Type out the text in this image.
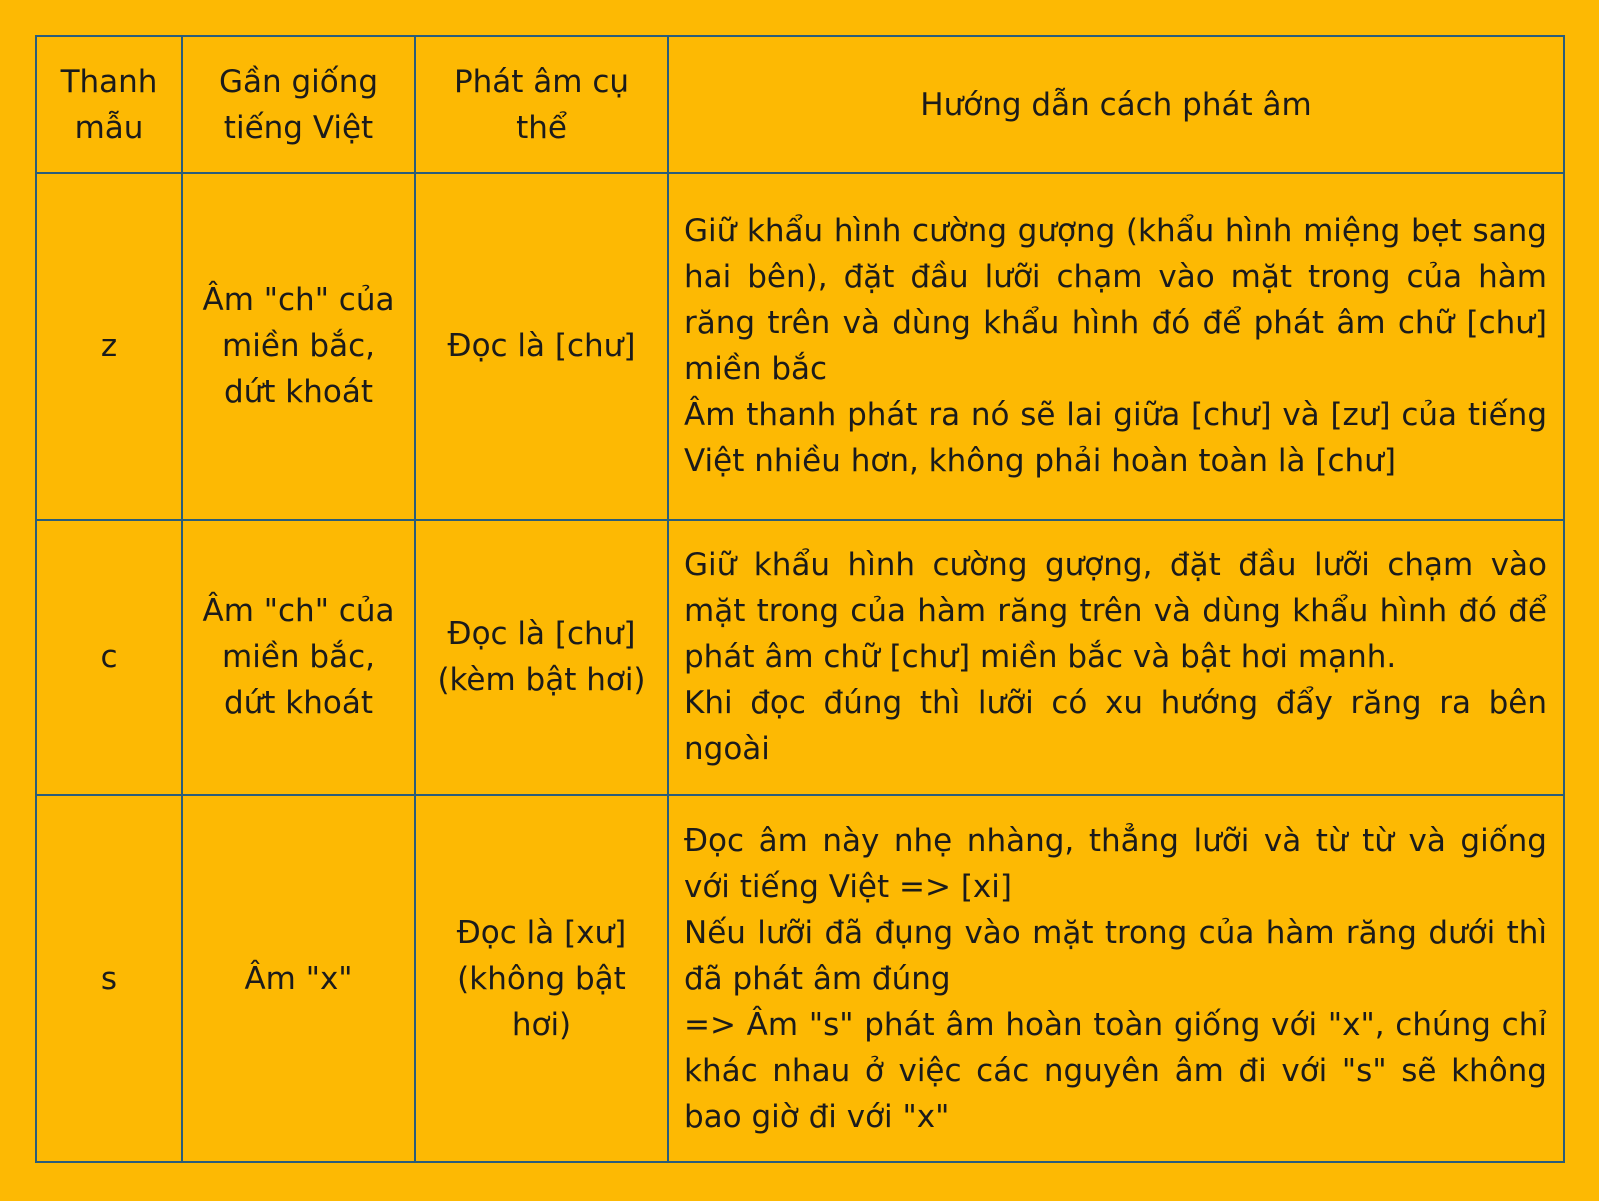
Thanh mẫu	Gần giống tiếng Việt	Phát âm cụ thể	Hướng dẫn cách phát âm
z	Âm "ch" của miền bắc, dứt khoát	Đọc là [chư]	Giữ khẩu hình cường gượng (khẩu hình miệng bẹt sang hai bên), đặt đầu lưỡi chạm vào mặt trong của hàm răng trên và dùng khẩu hình đó để phát âm chữ [chư] miền bắc
Âm thanh phát ra nó sẽ lai giữa [chư] và [zư] của tiếng Việt nhiều hơn, không phải hoàn toàn là [chư]

c	Âm "ch" của miền bắc, dứt khoát	Đọc là [chư] (kèm bật hơi)	Giữ khẩu hình cường gượng, đặt đầu lưỡi chạm vào mặt trong của hàm răng trên và dùng khẩu hình đó để phát âm chữ [chư] miền bắc và bật hơi mạnh.
Khi đọc đúng thì lưỡi có xu hướng đẩy răng ra bên ngoài

s	Âm "x"	Đọc là [xư] (không bật hơi)	Đọc âm này nhẹ nhàng, thẳng lưỡi và từ từ và giống với tiếng Việt => [xi]
Nếu lưỡi đã đụng vào mặt trong của hàm răng dưới thì đã phát âm đúng
=> Âm "s" phát âm hoàn toàn giống với "x", chúng chỉ khác nhau ở việc các nguyên âm đi với "s" sẽ không bao giờ đi với "x"
